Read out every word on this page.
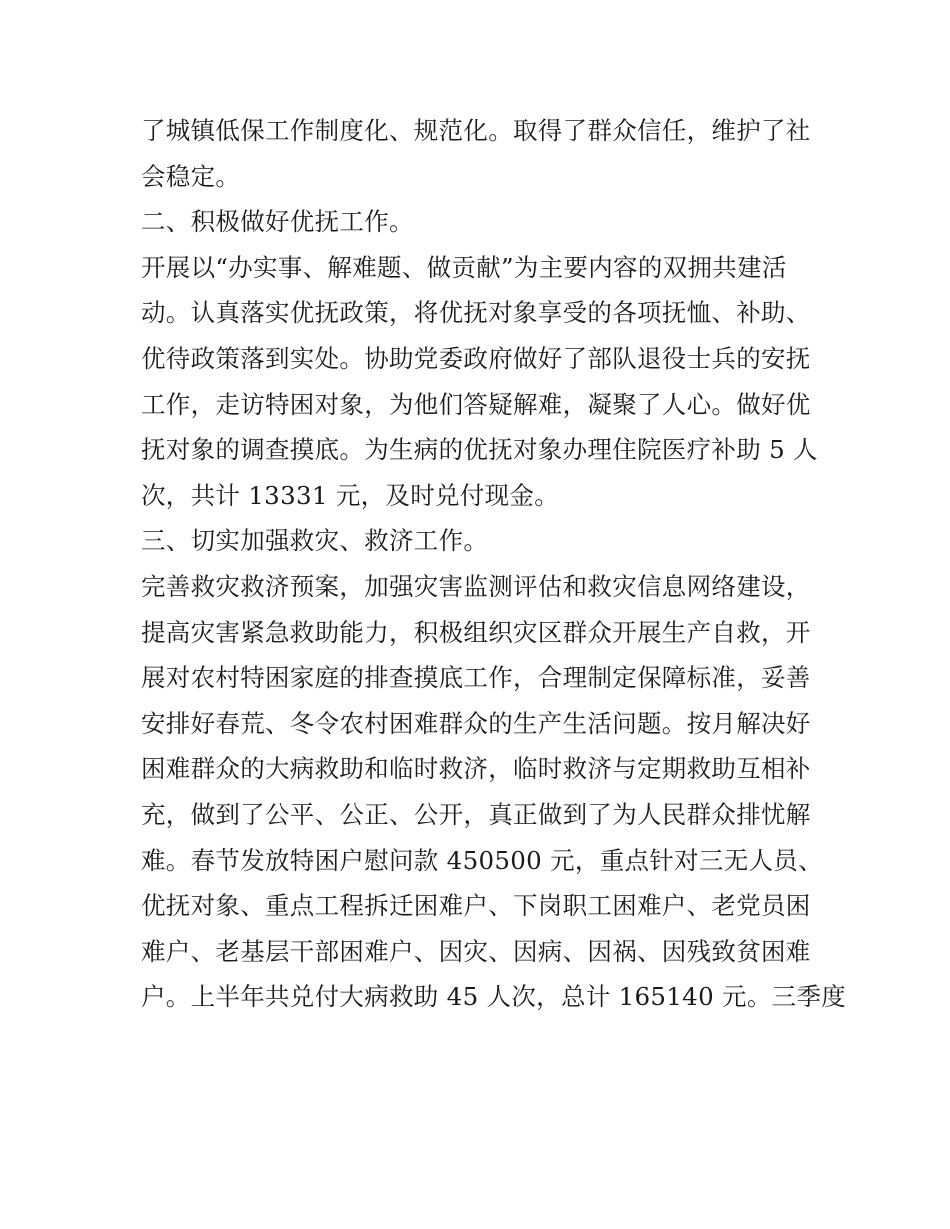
了城镇低保工作制度化、规范化。取得了群众信任，维护了社
会稳定。
二、积极做好优抚工作。
开展以“办实事、解难题、做贡献”为主要内容的双拥共建活
动。认真落实优抚政策，将优抚对象享受的各项抚恤、补助、
优待政策落到实处。协助党委政府做好了部队退役士兵的安抚
工作，走访特困对象，为他们答疑解难，凝聚了人心。做好优
抚对象的调查摸底。为生病的优抚对象办理住院医疗补助 5 人
次，共计 13331 元，及时兑付现金。
三、切实加强救灾、救济工作。
完善救灾救济预案，加强灾害监测评估和救灾信息网络建设，
提高灾害紧急救助能力，积极组织灾区群众开展生产自救，开
展对农村特困家庭的排查摸底工作，合理制定保障标准，妥善
安排好春荒、冬令农村困难群众的生产生活问题。按月解决好
困难群众的大病救助和临时救济，临时救济与定期救助互相补
充，做到了公平、公正、公开，真正做到了为人民群众排忧解
难。春节发放特困户慰问款 450500 元，重点针对三无人员、
优抚对象、重点工程拆迁困难户、下岗职工困难户、老党员困
难户、老基层干部困难户、因灾、因病、因祸、因残致贫困难
户。上半年共兑付大病救助 45 人次，总计 165140 元。三季度
